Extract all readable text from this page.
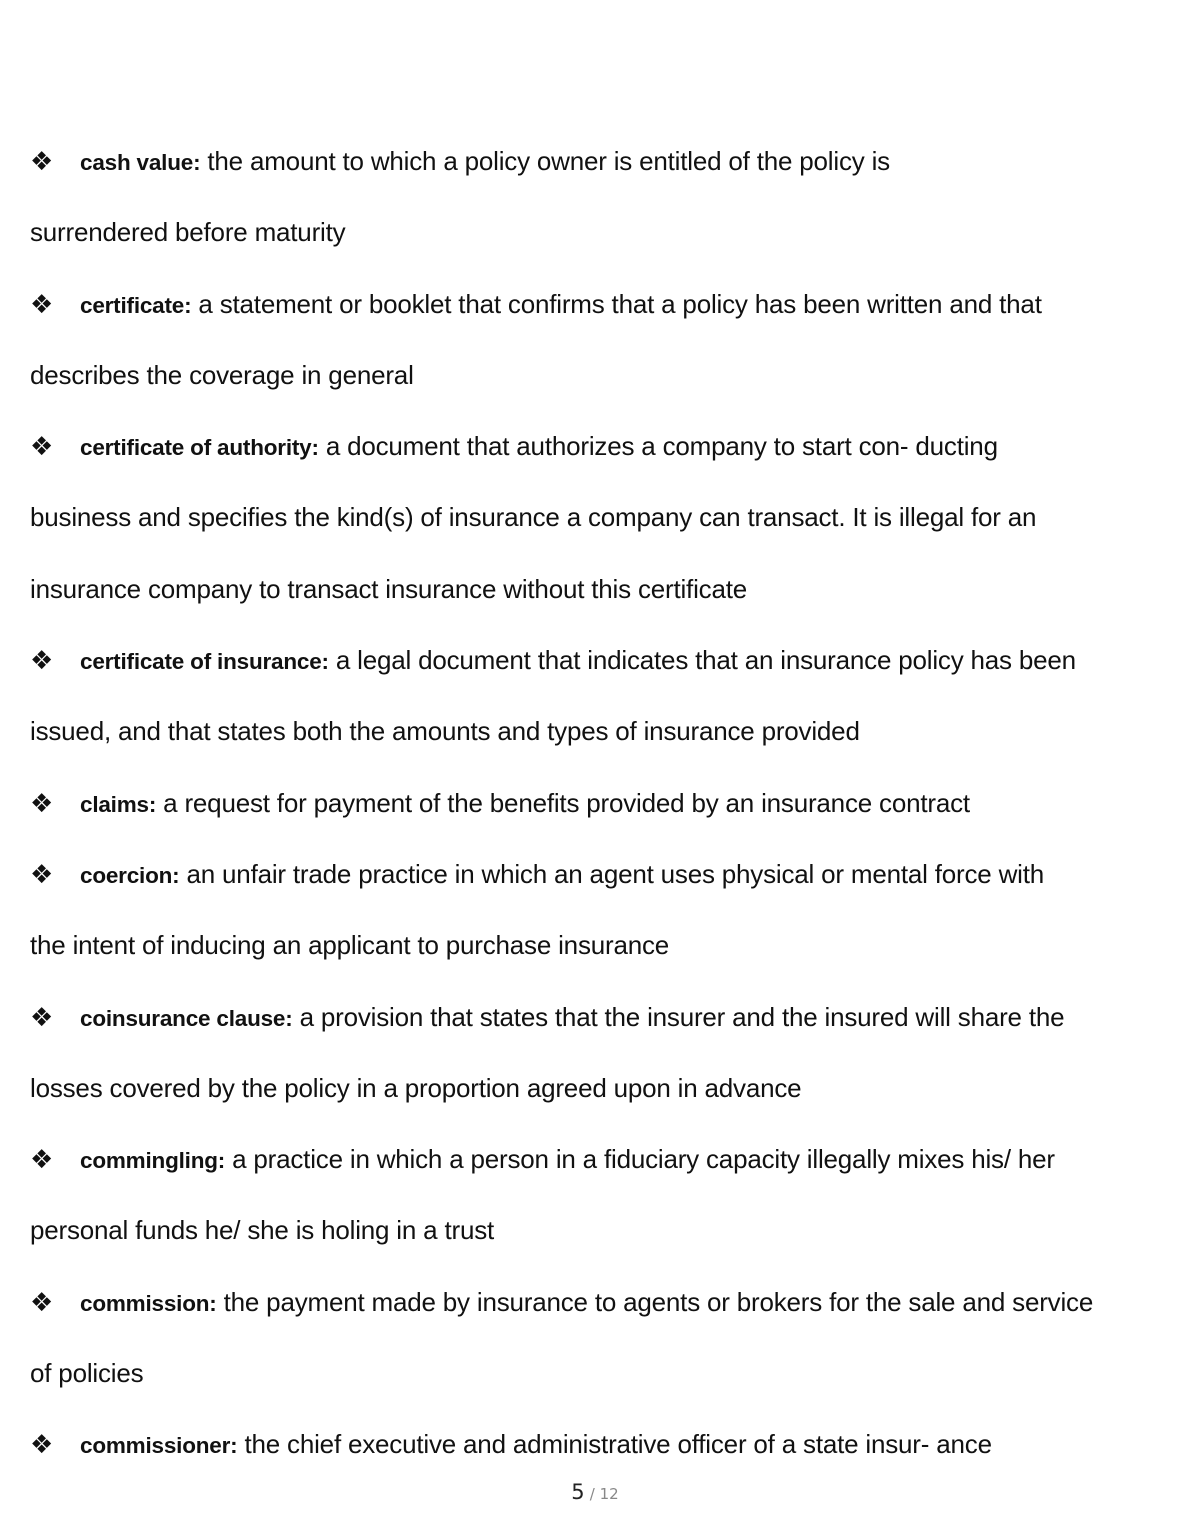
❖ cash value: the amount to which a policy owner is entitled of the policy is
surrendered before maturity
❖ certificate: a statement or booklet that confirms that a policy has been written and that
describes the coverage in general
❖ certificate of authority: a document that authorizes a company to start con- ducting
business and specifies the kind(s) of insurance a company can transact. It is illegal for an
insurance company to transact insurance without this certificate
❖ certificate of insurance: a legal document that indicates that an insurance policy has been
issued, and that states both the amounts and types of insurance provided
❖ claims: a request for payment of the benefits provided by an insurance contract
❖ coercion: an unfair trade practice in which an agent uses physical or mental force with
the intent of inducing an applicant to purchase insurance
❖ coinsurance clause: a provision that states that the insurer and the insured will share the
losses covered by the policy in a proportion agreed upon in advance
❖ commingling: a practice in which a person in a fiduciary capacity illegally mixes his/ her
personal funds he/ she is holing in a trust
❖ commission: the payment made by insurance to agents or brokers for the sale and service
of policies
❖ commissioner: the chief executive and administrative officer of a state insur- ance
5 / 12
